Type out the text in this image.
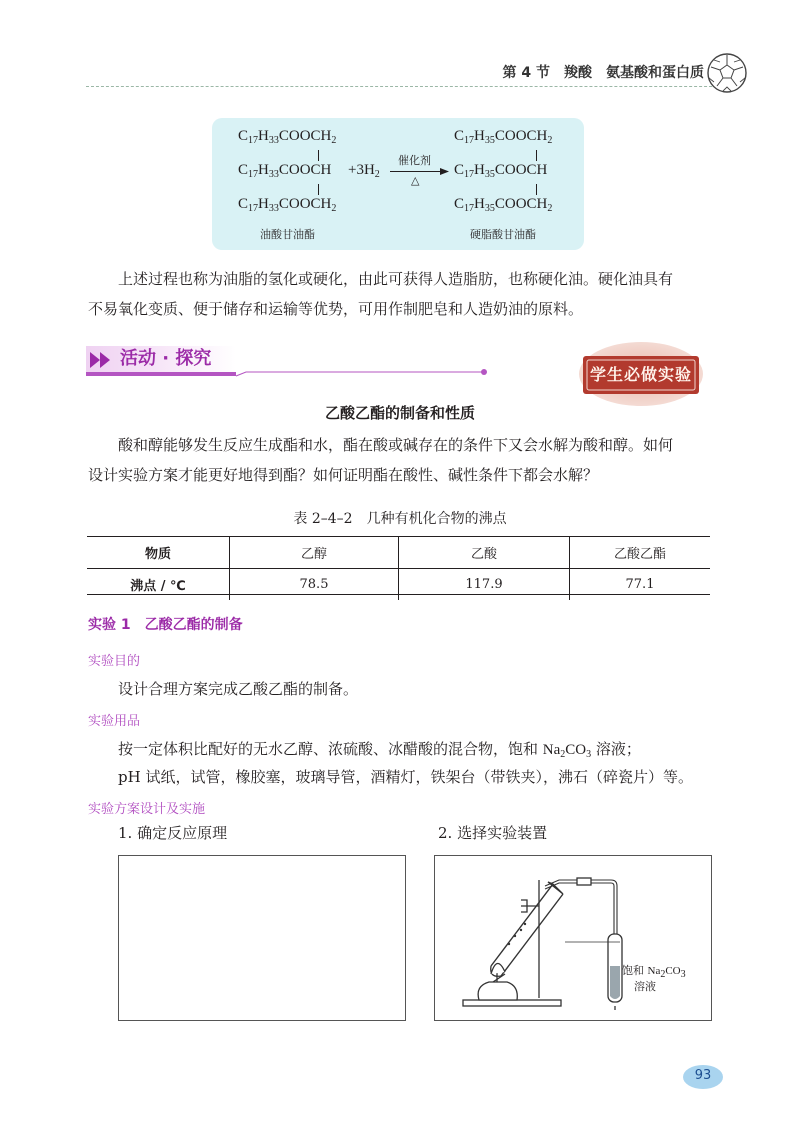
第 4 节 羧酸　氨基酸和蛋白质
$C_{17}H_{33}COOCH_2$
$C_{17}H_{33}COOCH$
$C_{17}H_{33}COOCH_2$
油酸甘油酯
$+3H_2$
催化剂
△
$C_{17}H_{35}COOCH_2$
$C_{17}H_{35}COOCH$
$C_{17}H_{35}COOCH_2$
硬脂酸甘油酯

上述过程也称为油脂的氢化或硬化，由此可获得人造脂肪，也称硬化油。硬化油具有

不易氧化变质、便于储存和运输等优势，可用作制肥皂和人造奶油的原料。

活动 · 探究
学生必做实验
乙酸乙酯的制备和性质

酸和醇能够发生反应生成酯和水，酯在酸或碱存在的条件下又会水解为酸和醇。如何

设计实验方案才能更好地得到酯？如何证明酯在酸性、碱性条件下都会水解？

表 2–4–2　几种有机化合物的沸点
物质	乙醇	乙酸	乙酸乙酯
沸点 / ℃	78.5	117.9	77.1
实验 1　乙酸乙酯的制备
实验目的
设计合理方案完成乙酸乙酯的制备。
实验用品
按一定体积比配好的无水乙醇、浓硫酸、冰醋酸的混合物，饱和 $Na_2CO_3$ 溶液；
pH 试纸，试管，橡胶塞，玻璃导管，酒精灯，铁架台（带铁夹），沸石（碎瓷片）等。
实验方案设计及实施
1. 确定反应原理	2. 选择实验装置
饱和 $Na_2CO_3$
溶液
93
